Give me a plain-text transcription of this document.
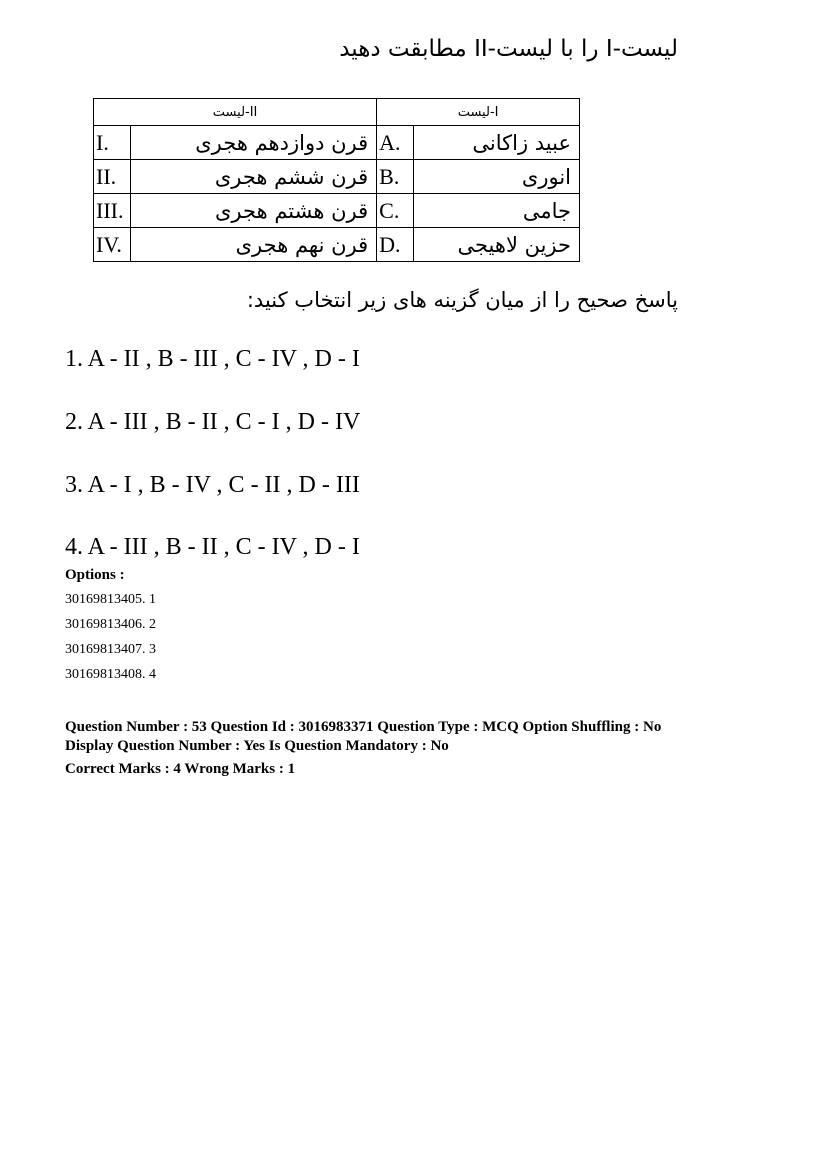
لیست-I را با لیست-II مطابقت دهید
لیست-II		لیست-I	
I.	قرن دوازدهم هجری	A.	عبید زاکانی
II.	قرن ششم هجری	B.	انوری
III.	قرن هشتم هجری	C.	جامی
IV.	قرن نهم هجری	D.	حزین لاهیجی
پاسخ صحیح را از میان گزینه های زیر انتخاب کنید:
1. A - II , B - III , C - IV , D - I
2. A - III , B - II , C - I , D - IV
3. A - I , B - IV , C - II , D - III
4. A - III , B - II , C - IV , D - I
Options :
30169813405. 1
30169813406. 2
30169813407. 3
30169813408. 4
Question Number : 53 Question Id : 3016983371 Question Type : MCQ Option Shuffling : No
Display Question Number : Yes Is Question Mandatory : No
Correct Marks : 4 Wrong Marks : 1
